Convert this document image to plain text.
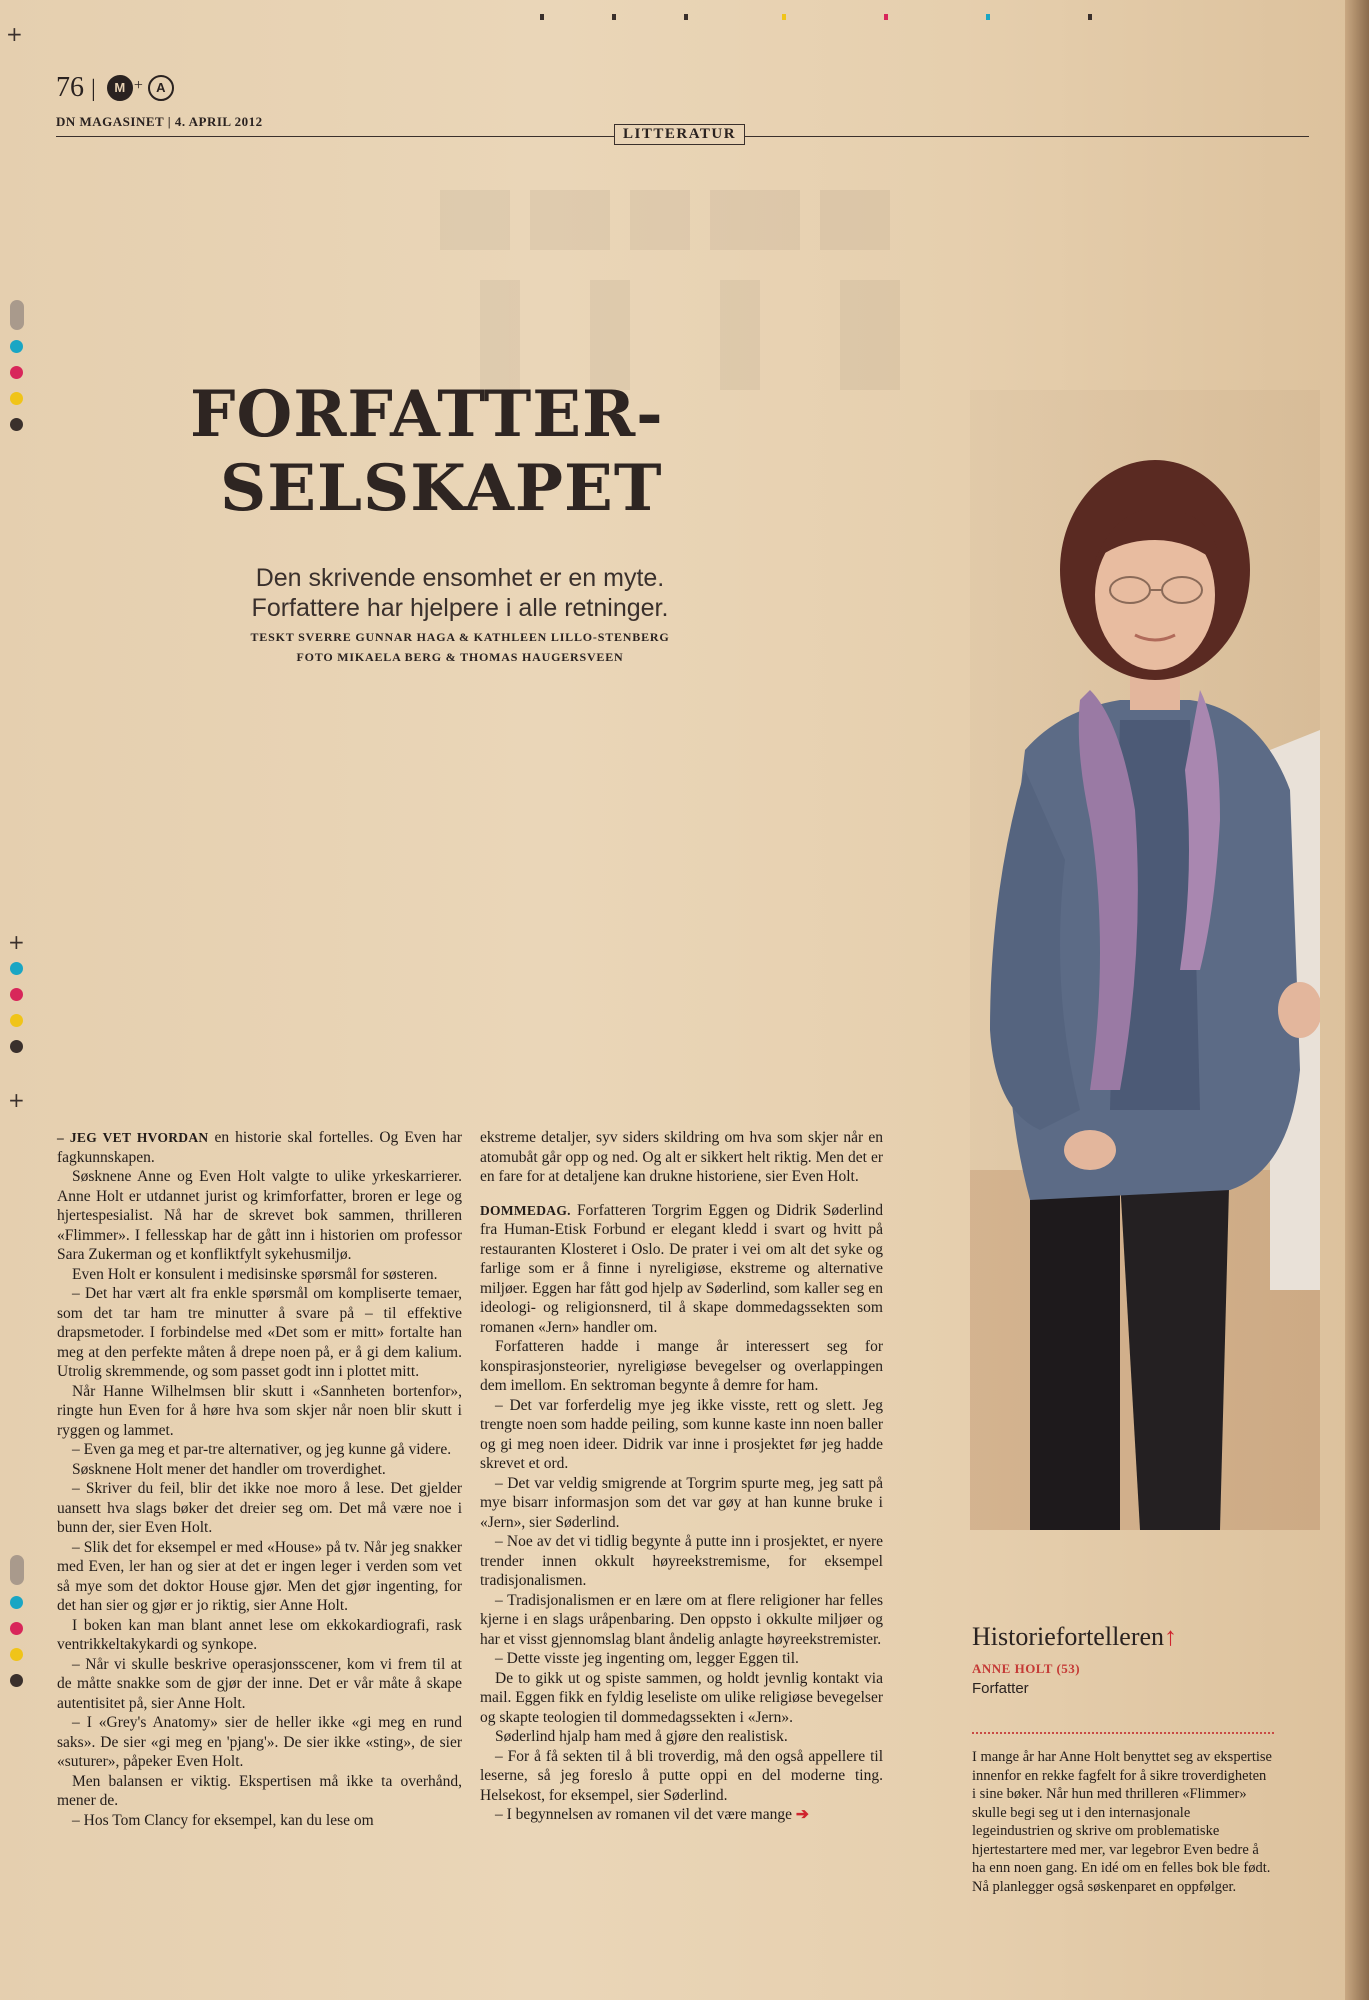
76 | M + A
DN MAGASINET | 4. APRIL 2012
LITTERATUR
FORFATTER-
SELSKAPET
Den skrivende ensomhet er en myte.
Forfattere har hjelpere i alle retninger.
TESKT SVERRE GUNNAR HAGA & KATHLEEN LILLO-STENBERG
FOTO MIKAELA BERG & THOMAS HAUGERSVEEN

– JEG VET HVORDAN en historie skal fortelles. Og Even har fagkunnskapen.

Søsknene Anne og Even Holt valgte to ulike yrkeskarrierer. Anne Holt er utdannet jurist og krimforfatter, broren er lege og hjertespesialist. Nå har de skrevet bok sammen, thrilleren «Flimmer». I fellesskap har de gått inn i historien om professor Sara Zukerman og et konfliktfylt sykehusmiljø.

Even Holt er konsulent i medisinske spørsmål for søsteren.

– Det har vært alt fra enkle spørsmål om kompliserte temaer, som det tar ham tre minutter å svare på – til effektive drapsmetoder. I forbindelse med «Det som er mitt» fortalte han meg at den perfekte måten å drepe noen på, er å gi dem kalium. Utrolig skremmende, og som passet godt inn i plottet mitt.

Når Hanne Wilhelmsen blir skutt i «Sannheten bortenfor», ringte hun Even for å høre hva som skjer når noen blir skutt i ryggen og lammet.

– Even ga meg et par-tre alternativer, og jeg kunne gå videre.

Søsknene Holt mener det handler om troverdighet.

– Skriver du feil, blir det ikke noe moro å lese. Det gjelder uansett hva slags bøker det dreier seg om. Det må være noe i bunn der, sier Even Holt.

– Slik det for eksempel er med «House» på tv. Når jeg snakker med Even, ler han og sier at det er ingen leger i verden som vet så mye som det doktor House gjør. Men det gjør ingenting, for det han sier og gjør er jo riktig, sier Anne Holt.

I boken kan man blant annet lese om ekkokardiografi, rask ventrikkeltakykardi og synkope.

– Når vi skulle beskrive operasjonsscener, kom vi frem til at de måtte snakke som de gjør der inne. Det er vår måte å skape autentisitet på, sier Anne Holt.

– I «Grey's Anatomy» sier de heller ikke «gi meg en rund saks». De sier «gi meg en 'pjang'». De sier ikke «sting», de sier «suturer», påpeker Even Holt.

Men balansen er viktig. Ekspertisen må ikke ta overhånd, mener de.

– Hos Tom Clancy for eksempel, kan du lese om

ekstreme detaljer, syv siders skildring om hva som skjer når en atomubåt går opp og ned. Og alt er sikkert helt riktig. Men det er en fare for at detaljene kan drukne historiene, sier Even Holt.

DOMMEDAG. Forfatteren Torgrim Eggen og Didrik Søderlind fra Human-Etisk Forbund er elegant kledd i svart og hvitt på restauranten Klosteret i Oslo. De prater i vei om alt det syke og farlige som er å finne i nyreligiøse, ekstreme og alternative miljøer. Eggen har fått god hjelp av Søderlind, som kaller seg en ideologi- og religionsnerd, til å skape dommedagssekten som romanen «Jern» handler om.

Forfatteren hadde i mange år interessert seg for konspirasjonsteorier, nyreligiøse bevegelser og overlappingen dem imellom. En sektroman begynte å demre for ham.

– Det var forferdelig mye jeg ikke visste, rett og slett. Jeg trengte noen som hadde peiling, som kunne kaste inn noen baller og gi meg noen ideer. Didrik var inne i prosjektet før jeg hadde skrevet et ord.

– Det var veldig smigrende at Torgrim spurte meg, jeg satt på mye bisarr informasjon som det var gøy at han kunne bruke i «Jern», sier Søderlind.

– Noe av det vi tidlig begynte å putte inn i prosjektet, er nyere trender innen okkult høyreekstremisme, for eksempel tradisjonalismen.

– Tradisjonalismen er en lære om at flere religioner har felles kjerne i en slags uråpenbaring. Den oppsto i okkulte miljøer og har et visst gjennomslag blant åndelig anlagte høyreekstremister.

– Dette visste jeg ingenting om, legger Eggen til.

De to gikk ut og spiste sammen, og holdt jevnlig kontakt via mail. Eggen fikk en fyldig leseliste om ulike religiøse bevegelser og skapte teologien til dommedagssekten i «Jern».

Søderlind hjalp ham med å gjøre den realistisk.

– For å få sekten til å bli troverdig, må den også appellere til leserne, så jeg foreslo å putte oppi en del moderne ting. Helsekost, for eksempel, sier Søderlind.

– I begynnelsen av romanen vil det være mange ➔

Historiefortelleren↑
ANNE HOLT (53)
Forfatter
I mange år har Anne Holt benyttet seg av ekspertise innenfor en rekke fagfelt for å sikre troverdigheten i sine bøker. Når hun med thrilleren «Flimmer» skulle begi seg ut i den internasjonale legeindustrien og skrive om problematiske hjertestartere med mer, var legebror Even bedre å ha enn noen gang. En idé om en felles bok ble født. Nå planlegger også søskenparet en oppfølger.
+
+
+
